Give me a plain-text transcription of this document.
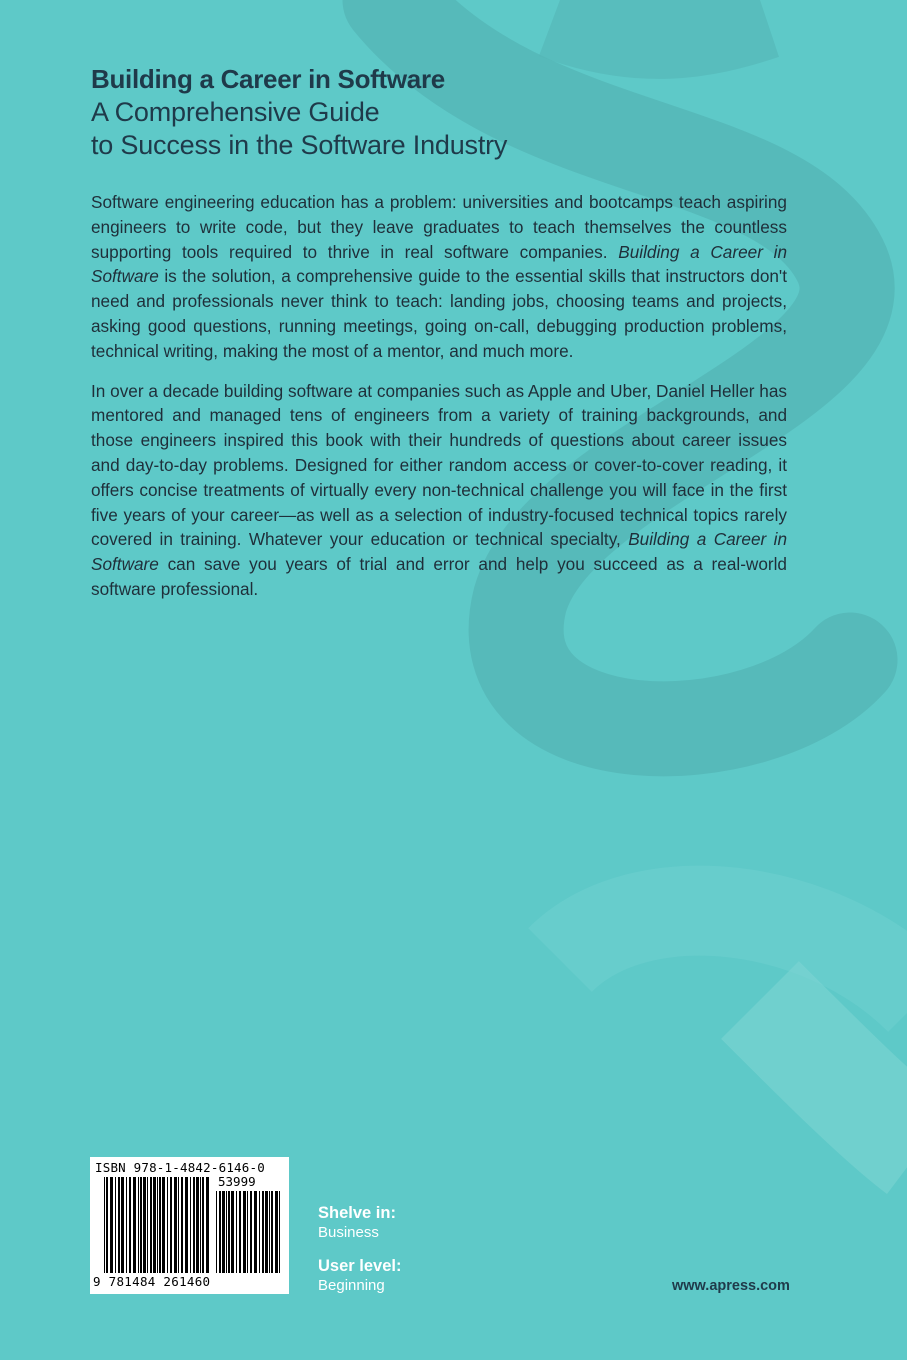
Building a Career in Software
A Comprehensive Guide
to Success in the Software Industry

Software engineering education has a problem: universities and bootcamps teach aspiring engineers to write code, but they leave graduates to teach themselves the countless supporting tools required to thrive in real software companies. Building a Career in Software is the solution, a comprehensive guide to the essential skills that instructors don't need and professionals never think to teach: landing jobs, choosing teams and projects, asking good questions, running meetings, going on-call, debugging production problems, technical writing, making the most of a mentor, and much more.

In over a decade building software at companies such as Apple and Uber, Daniel Heller has mentored and managed tens of engineers from a variety of training backgrounds, and those engineers inspired this book with their hundreds of questions about career issues and day-to-day problems. Designed for either random access or cover-to-cover reading, it offers concise treatments of virtually every non-technical challenge you will face in the first five years of your career—as well as a selection of industry-focused technical topics rarely covered in training. Whatever your education or technical specialty, Building a Career in Software can save you years of trial and error and help you succeed as a real-world software professional.

ISBN 978-1-4842-6146-0
53999
9 781484 261460
Shelve in:
Business
User level:
Beginning	www.apress.com
